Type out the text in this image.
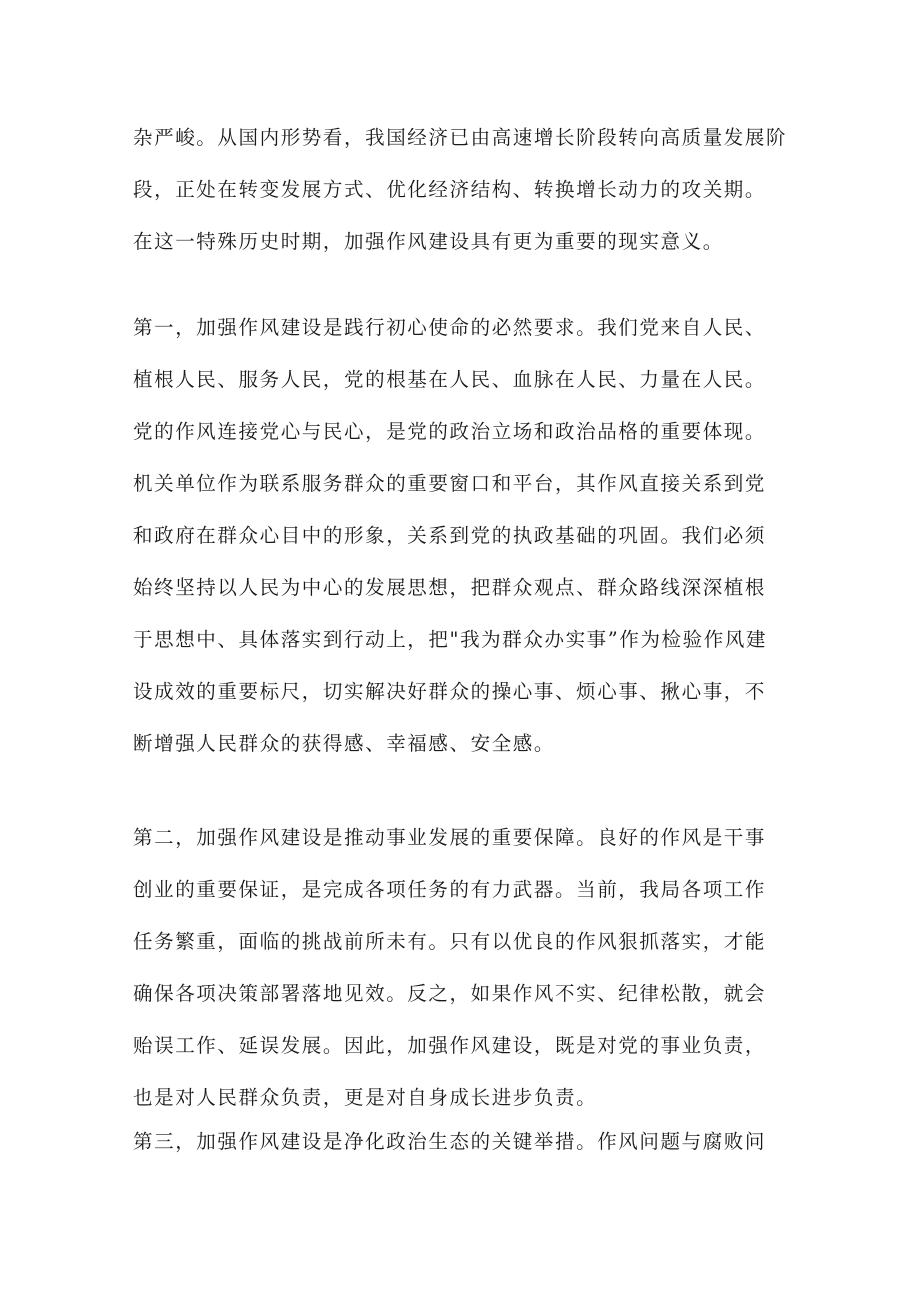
杂严峻。从国内形势看，我国经济已由高速增长阶段转向高质量发展阶
段，正处在转变发展方式、优化经济结构、转换增长动力的攻关期。
在这一特殊历史时期，加强作风建设具有更为重要的现实意义。

第一，加强作风建设是践行初心使命的必然要求。我们党来自人民、
植根人民、服务人民，党的根基在人民、血脉在人民、力量在人民。
党的作风连接党心与民心，是党的政治立场和政治品格的重要体现。
机关单位作为联系服务群众的重要窗口和平台，其作风直接关系到党
和政府在群众心目中的形象，关系到党的执政基础的巩固。我们必须
始终坚持以人民为中心的发展思想，把群众观点、群众路线深深植根
于思想中、具体落实到行动上，把"我为群众办实事”作为检验作风建
设成效的重要标尺，切实解决好群众的操心事、烦心事、揪心事，不
断增强人民群众的获得感、幸福感、安全感。

第二，加强作风建设是推动事业发展的重要保障。良好的作风是干事
创业的重要保证，是完成各项任务的有力武器。当前，我局各项工作
任务繁重，面临的挑战前所未有。只有以优良的作风狠抓落实，才能
确保各项决策部署落地见效。反之，如果作风不实、纪律松散，就会
贻误工作、延误发展。因此，加强作风建设，既是对党的事业负责，
也是对人民群众负责，更是对自身成长进步负责。

第三，加强作风建设是净化政治生态的关键举措。作风问题与腐败问
